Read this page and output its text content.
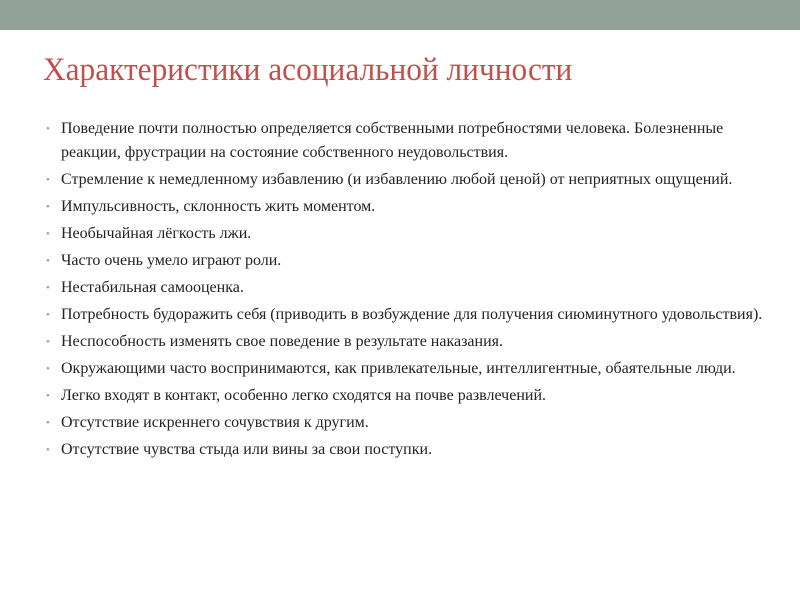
Характеристики асоциальной личности
• Поведение почти полностью определяется собственными потребностями человека. Болезненные реакции, фрустрации на состояние собственного неудовольствия.
• Стремление к немедленному избавлению (и избавлению любой ценой) от неприятных ощущений.
• Импульсивность, склонность жить моментом.
• Необычайная лёгкость лжи.
• Часто очень умело играют роли.
• Нестабильная самооценка.
• Потребность будоражить себя (приводить в возбуждение для получения сиюминутного удовольствия).
• Неспособность изменять свое поведение в результате наказания.
• Окружающими часто воспринимаются, как привлекательные, интеллигентные, обаятельные люди.
• Легко входят в контакт, особенно легко сходятся на почве развлечений.
• Отсутствие искреннего сочувствия к другим.
• Отсутствие чувства стыда или вины за свои поступки.
